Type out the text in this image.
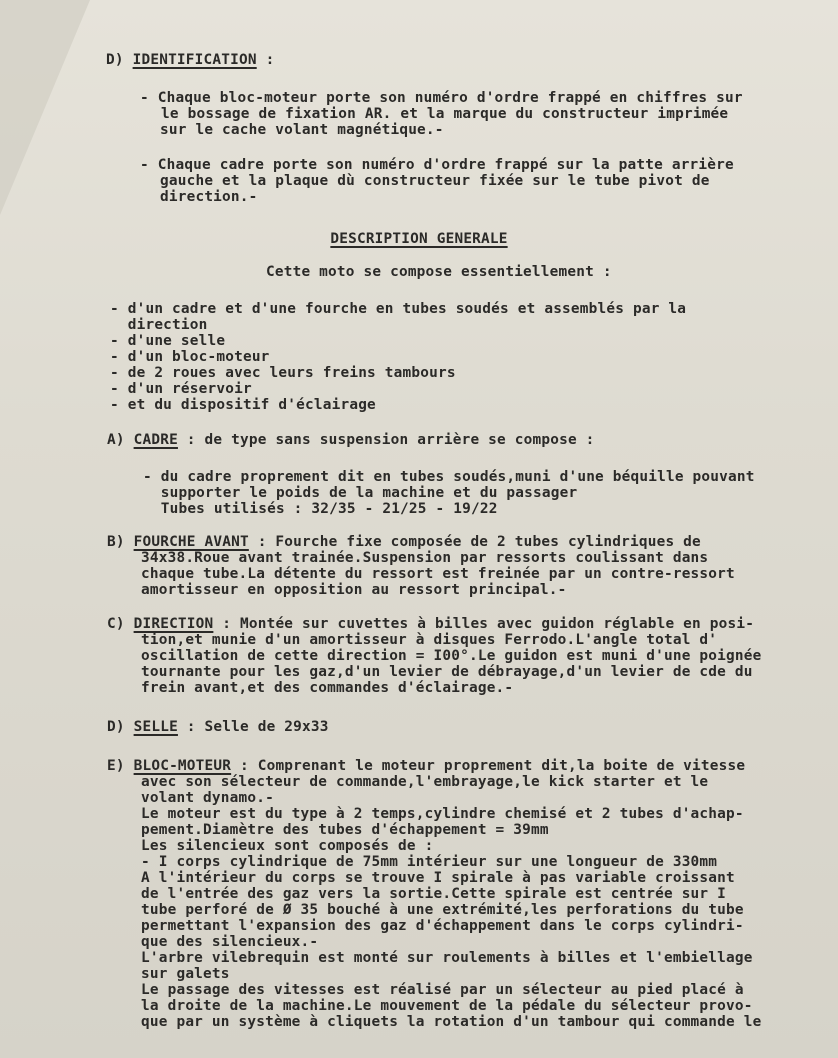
D) IDENTIFICATION :
- Chaque bloc-moteur porte son numéro d'ordre frappé en chiffres sur
le bossage de fixation AR. et la marque du constructeur imprimée
sur le cache volant magnétique.-
- Chaque cadre porte son numéro d'ordre frappé sur la patte arrière
gauche et la plaque dù constructeur fixée sur le tube pivot de
direction.-
DESCRIPTION GENERALE
Cette moto se compose essentiellement :
- d'un cadre et d'une fourche en tubes soudés et assemblés par la
direction
- d'une selle
- d'un bloc-moteur
- de 2 roues avec leurs freins tambours
- d'un réservoir
- et du dispositif d'éclairage
A) CADRE : de type sans suspension arrière se compose :
- du cadre proprement dit en tubes soudés,muni d'une béquille pouvant
supporter le poids de la machine et du passager
Tubes utilisés : 32/35 - 21/25 - 19/22
B) FOURCHE AVANT : Fourche fixe composée de 2 tubes cylindriques de
34x38.Roue avant trainée.Suspension par ressorts coulissant dans
chaque tube.La détente du ressort est freinée par un contre-ressort
amortisseur en opposition au ressort principal.-
C) DIRECTION : Montée sur cuvettes à billes avec guidon réglable en posi-
tion,et munie d'un amortisseur à disques Ferrodo.L'angle total d'
oscillation de cette direction = I00°.Le guidon est muni d'une poignée
tournante pour les gaz,d'un levier de débrayage,d'un levier de cde du
frein avant,et des commandes d'éclairage.-
D) SELLE : Selle de 29x33
E) BLOC-MOTEUR : Comprenant le moteur proprement dit,la boite de vitesse
avec son sélecteur de commande,l'embrayage,le kick starter et le
volant dynamo.-
Le moteur est du type à 2 temps,cylindre chemisé et 2 tubes d'achap-
pement.Diamètre des tubes d'échappement = 39mm
Les silencieux sont composés de :
- I corps cylindrique de 75mm intérieur sur une longueur de 330mm
A l'intérieur du corps se trouve I spirale à pas variable croissant
de l'entrée des gaz vers la sortie.Cette spirale est centrée sur I
tube perforé de Ø 35 bouché à une extrémité,les perforations du tube
permettant l'expansion des gaz d'échappement dans le corps cylindri-
que des silencieux.-
L'arbre vilebrequin est monté sur roulements à billes et l'embiellage
sur galets
Le passage des vitesses est réalisé par un sélecteur au pied placé à
la droite de la machine.Le mouvement de la pédale du sélecteur provo-
que par un système à cliquets la rotation d'un tambour qui commande le
